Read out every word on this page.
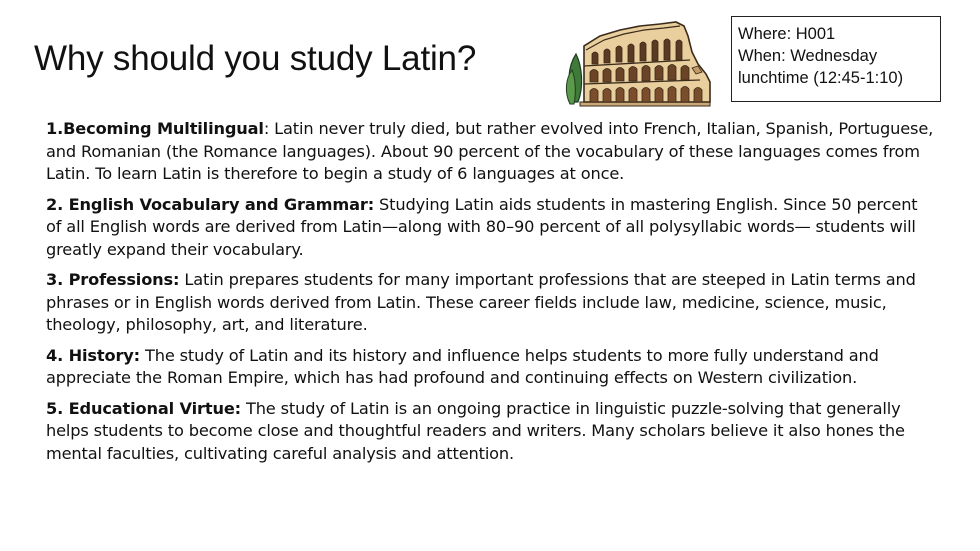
Why should you study Latin?
Where: H001
When: Wednesday
lunchtime (12:45-1:10)

1.Becoming Multilingual: Latin never truly died, but rather evolved into French, Italian, Spanish, Portuguese, and Romanian (the Romance languages). About 90 percent of the vocabulary of these languages comes from Latin. To learn Latin is therefore to begin a study of 6 languages at once.

2. English Vocabulary and Grammar: Studying Latin aids students in mastering English. Since 50 percent of all English words are derived from Latin—along with 80–90 percent of all polysyllabic words— students will greatly expand their vocabulary.

3. Professions: Latin prepares students for many important professions that are steeped in Latin terms and phrases or in English words derived from Latin. These career fields include law, medicine, science, music, theology, philosophy, art, and literature.

4. History: The study of Latin and its history and influence helps students to more fully understand and appreciate the Roman Empire, which has had profound and continuing effects on Western civilization.

5. Educational Virtue: The study of Latin is an ongoing practice in linguistic puzzle-solving that generally helps students to become close and thoughtful readers and writers. Many scholars believe it also hones the mental faculties, cultivating careful analysis and attention.
